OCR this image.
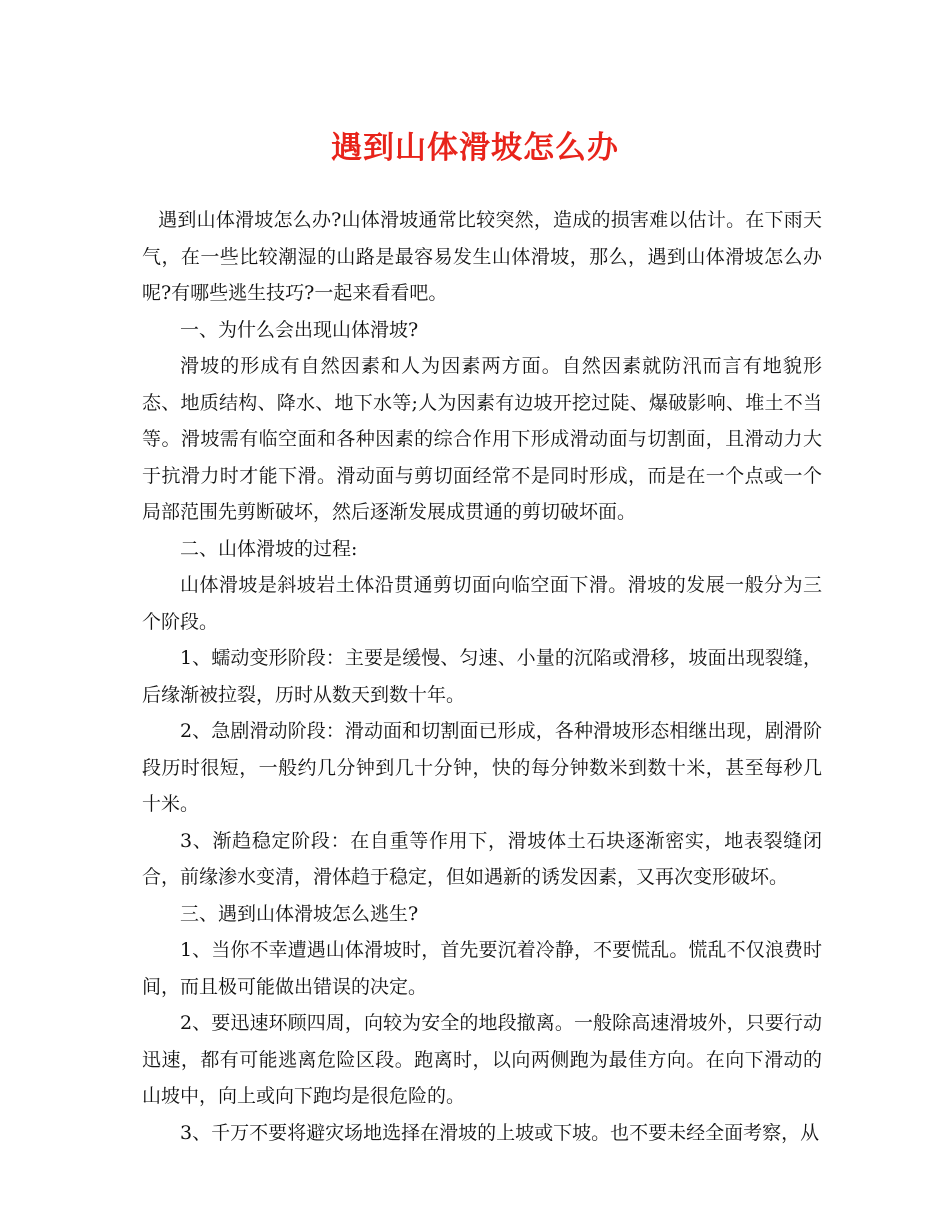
遇到山体滑坡怎么办

遇到山体滑坡怎么办?山体滑坡通常比较突然，造成的损害难以估计。在下雨天气，在一些比较潮湿的山路是最容易发生山体滑坡，那么，遇到山体滑坡怎么办呢?有哪些逃生技巧?一起来看看吧。

一、为什么会出现山体滑坡?

滑坡的形成有自然因素和人为因素两方面。自然因素就防汛而言有地貌形态、地质结构、降水、地下水等;人为因素有边坡开挖过陡、爆破影响、堆土不当等。滑坡需有临空面和各种因素的综合作用下形成滑动面与切割面，且滑动力大于抗滑力时才能下滑。滑动面与剪切面经常不是同时形成，而是在一个点或一个局部范围先剪断破坏，然后逐渐发展成贯通的剪切破坏面。

二、山体滑坡的过程:

山体滑坡是斜坡岩土体沿贯通剪切面向临空面下滑。滑坡的发展一般分为三个阶段。

1、蠕动变形阶段：主要是缓慢、匀速、小量的沉陷或滑移，坡面出现裂缝，后缘渐被拉裂，历时从数天到数十年。

2、急剧滑动阶段：滑动面和切割面已形成，各种滑坡形态相继出现，剧滑阶段历时很短，一般约几分钟到几十分钟，快的每分钟数米到数十米，甚至每秒几十米。

3、渐趋稳定阶段：在自重等作用下，滑坡体土石块逐渐密实，地表裂缝闭合，前缘渗水变清，滑体趋于稳定，但如遇新的诱发因素，又再次变形破坏。

三、遇到山体滑坡怎么逃生?

1、当你不幸遭遇山体滑坡时，首先要沉着冷静，不要慌乱。慌乱不仅浪费时间，而且极可能做出错误的决定。

2、要迅速环顾四周，向较为安全的地段撤离。一般除高速滑坡外，只要行动迅速，都有可能逃离危险区段。跑离时，以向两侧跑为最佳方向。在向下滑动的山坡中，向上或向下跑均是很危险的。

3、千万不要将避灾场地选择在滑坡的上坡或下坡。也不要未经全面考察，从
